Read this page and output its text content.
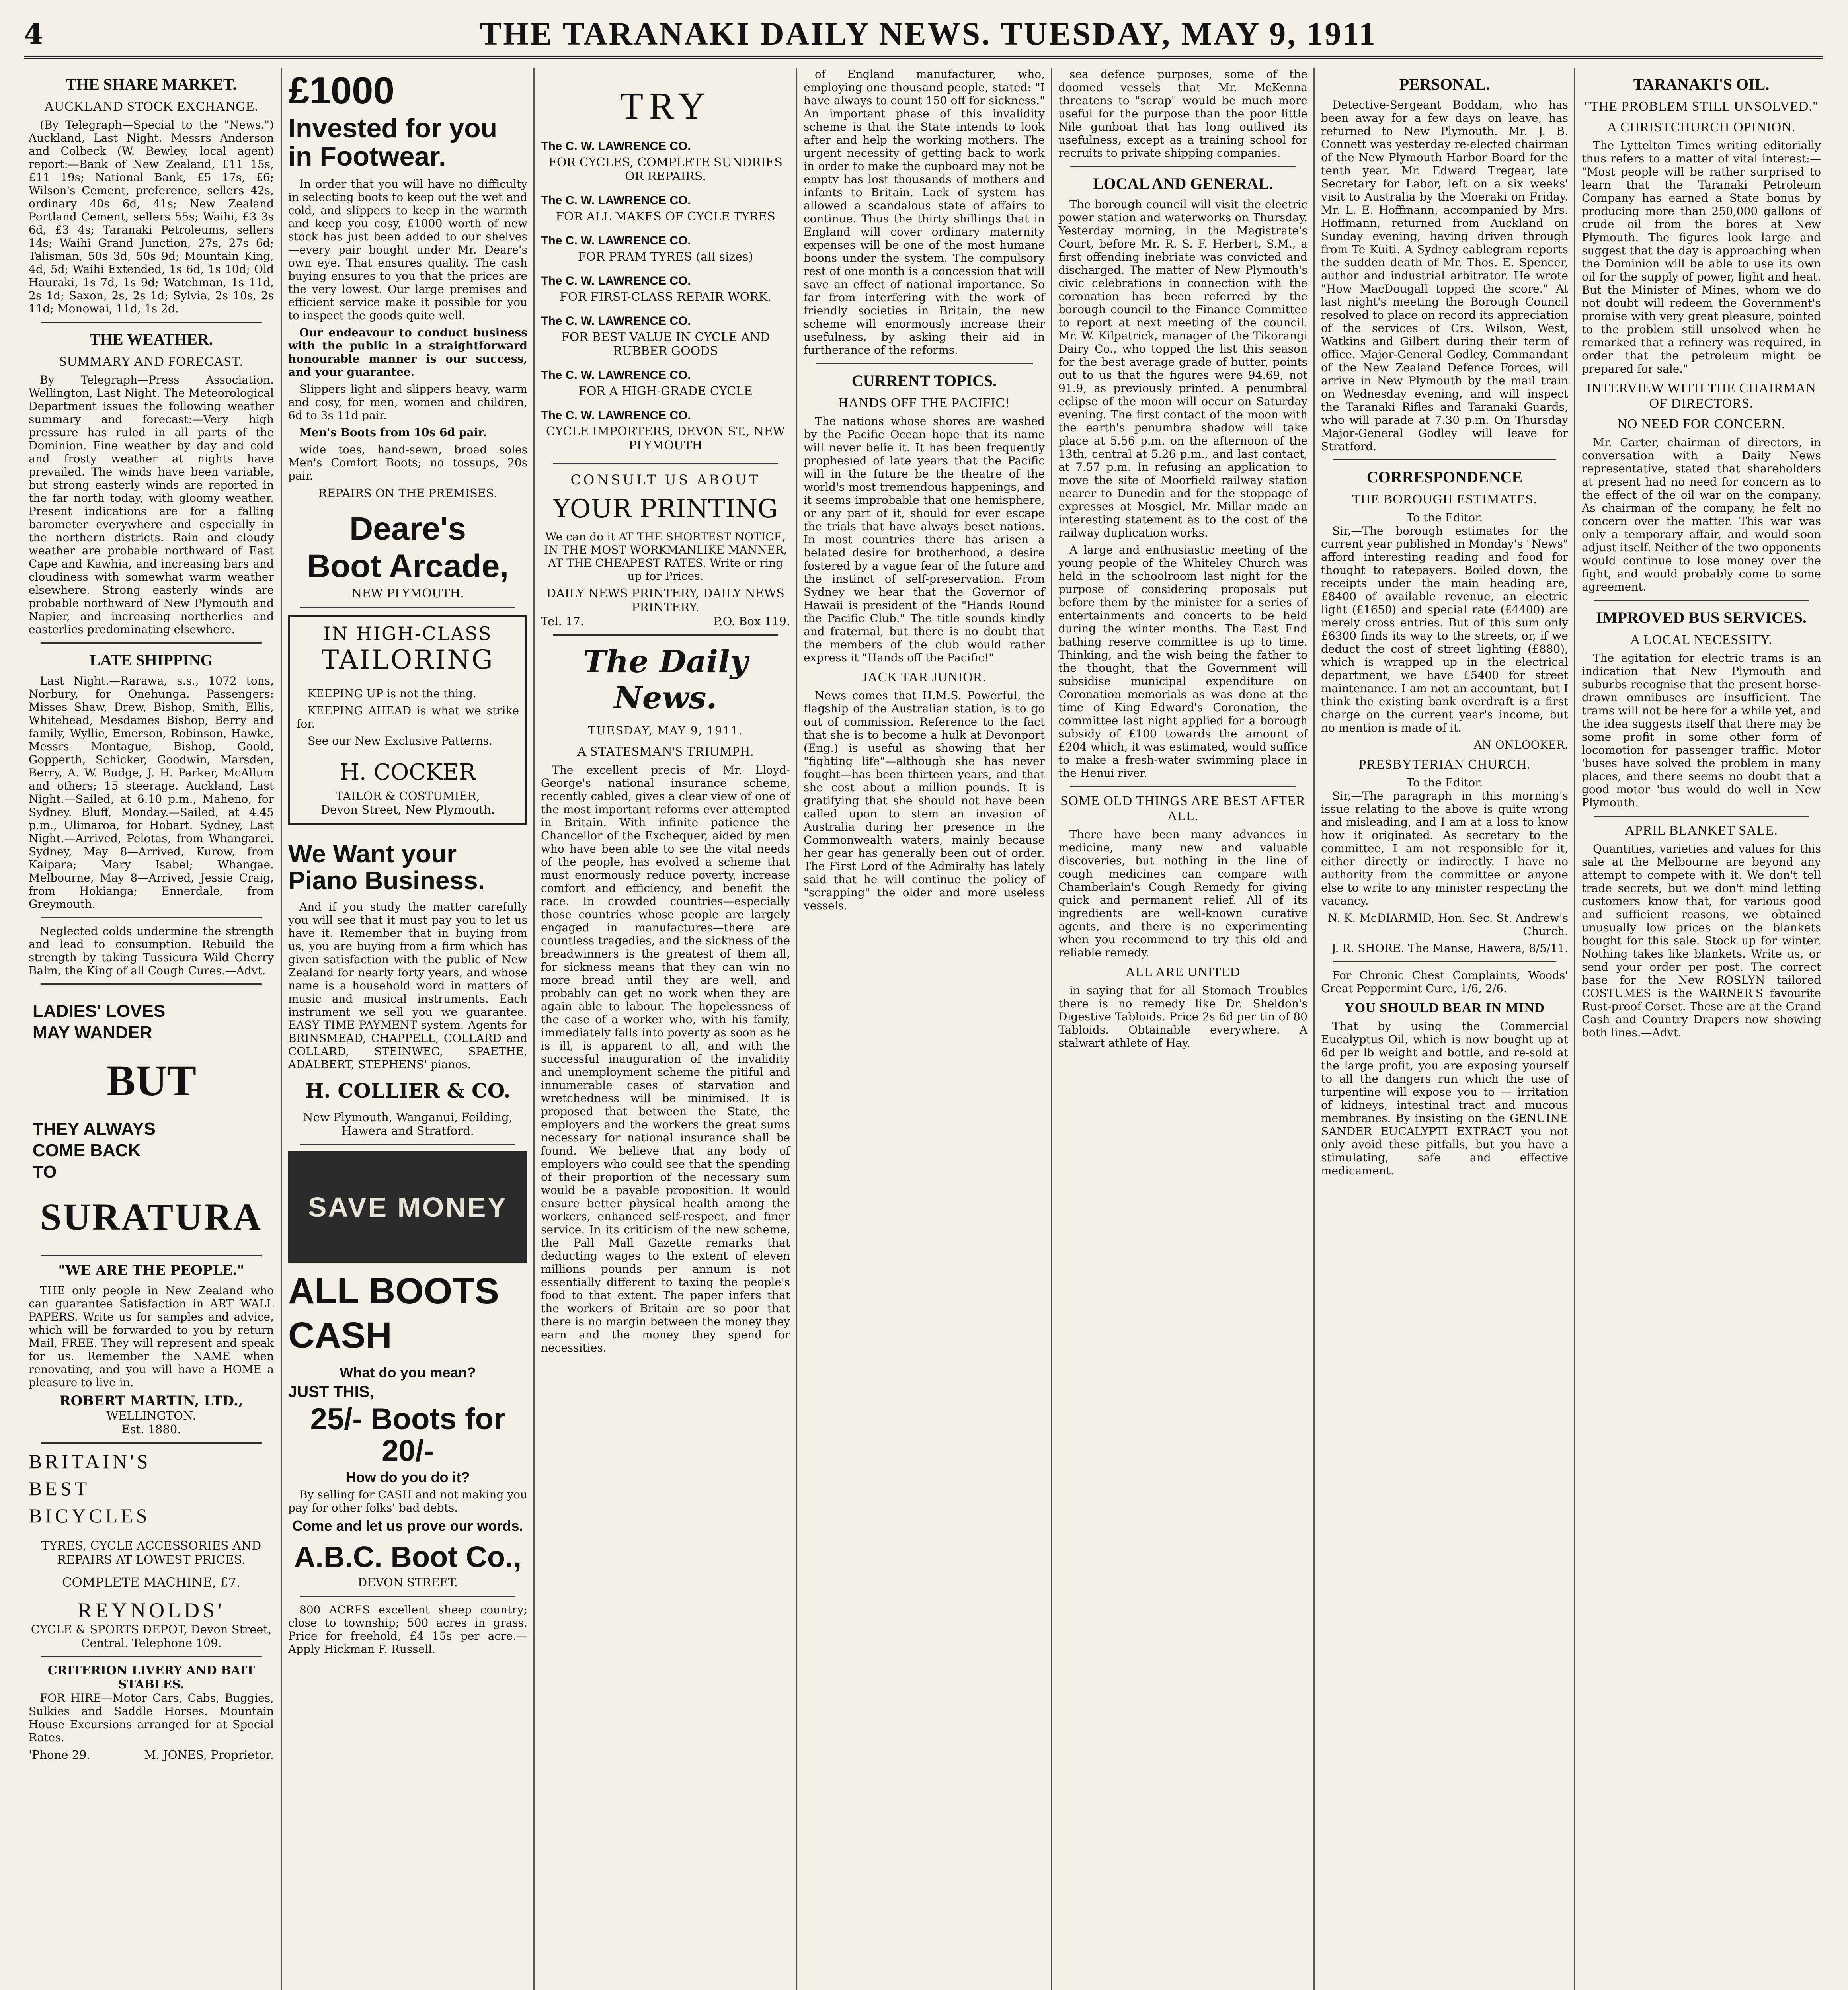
4	THE TARANAKI DAILY NEWS. TUESDAY, MAY 9, 1911

THE SHARE MARKET.
AUCKLAND STOCK EXCHANGE.

(By Telegraph—Special to the "News.") Auckland, Last Night. Messrs Anderson and Colbeck (W. Bewley, local agent) report:—Bank of New Zealand, £11 15s, £11 19s; National Bank, £5 17s, £6; Wilson's Cement, preference, sellers 42s, ordinary 40s 6d, 41s; New Zealand Portland Cement, sellers 55s; Waihi, £3 3s 6d, £3 4s; Taranaki Petroleums, sellers 14s; Waihi Grand Junction, 27s, 27s 6d; Talisman, 50s 3d, 50s 9d; Mountain King, 4d, 5d; Waihi Extended, 1s 6d, 1s 10d; Old Hauraki, 1s 7d, 1s 9d; Watchman, 1s 11d, 2s 1d; Saxon, 2s, 2s 1d; Sylvia, 2s 10s, 2s 11d; Monowai, 11d, 1s 2d.

THE WEATHER.
SUMMARY AND FORECAST.

By Telegraph—Press Association. Wellington, Last Night. The Meteorological Department issues the following weather summary and forecast:—Very high pressure has ruled in all parts of the Dominion. Fine weather by day and cold and frosty weather at nights have prevailed. The winds have been variable, but strong easterly winds are reported in the far north today, with gloomy weather. Present indications are for a falling barometer everywhere and especially in the northern districts. Rain and cloudy weather are probable northward of East Cape and Kawhia, and increasing bars and cloudiness with somewhat warm weather elsewhere. Strong easterly winds are probable northward of New Plymouth and Napier, and increasing northerlies and easterlies predominating elsewhere.

LATE SHIPPING

Last Night.—Rarawa, s.s., 1072 tons, Norbury, for Onehunga. Passengers: Misses Shaw, Drew, Bishop, Smith, Ellis, Whitehead, Mesdames Bishop, Berry and family, Wyllie, Emerson, Robinson, Hawke, Messrs Montague, Bishop, Goold, Gopperth, Schicker, Goodwin, Marsden, Berry, A. W. Budge, J. H. Parker, McAllum and others; 15 steerage. Auckland, Last Night.—Sailed, at 6.10 p.m., Maheno, for Sydney. Bluff, Monday.—Sailed, at 4.45 p.m., Ulimaroa, for Hobart. Sydney, Last Night.—Arrived, Pelotas, from Whangarei. Sydney, May 8—Arrived, Kurow, from Kaipara; Mary Isabel; Whangae. Melbourne, May 8—Arrived, Jessie Craig, from Hokianga; Ennerdale, from Greymouth.

Neglected colds undermine the strength and lead to consumption. Rebuild the strength by taking Tussicura Wild Cherry Balm, the King of all Cough Cures.—Advt.

LADIES' LOVES
MAY WANDER
BUT
THEY ALWAYS
COME BACK
TO
SURATURA
"WE ARE THE PEOPLE."

THE only people in New Zealand who can guarantee Satisfaction in ART WALL PAPERS. Write us for samples and advice, which will be forwarded to you by return Mail, FREE. They will represent and speak for us. Remember the NAME when renovating, and you will have a HOME a pleasure to live in.

ROBERT MARTIN, LTD.,
WELLINGTON.
Est. 1880.
BRITAIN'S
BEST
BICYCLES
TYRES, CYCLE ACCESSORIES AND REPAIRS AT LOWEST PRICES.
COMPLETE MACHINE, £7.
REYNOLDS'
CYCLE & SPORTS DEPOT, Devon Street, Central. Telephone 109.
CRITERION LIVERY AND BAIT STABLES.

FOR HIRE—Motor Cars, Cabs, Buggies, Sulkies and Saddle Horses. Mountain House Excursions arranged for at Special Rates.

'Phone 29.	M. JONES, Proprietor.
£1000
Invested for you in Footwear.

In order that you will have no difficulty in selecting boots to keep out the wet and cold, and slippers to keep in the warmth and keep you cosy, £1000 worth of new stock has just been added to our shelves—every pair bought under Mr. Deare's own eye. That ensures quality. The cash buying ensures to you that the prices are the very lowest. Our large premises and efficient service make it possible for you to inspect the goods quite well.

Our endeavour to conduct business with the public in a straightforward honourable manner is our success, and your guarantee.

Slippers light and slippers heavy, warm and cosy, for men, women and children, 6d to 3s 11d pair.

Men's Boots from 10s 6d pair.

wide toes, hand-sewn, broad soles Men's Comfort Boots; no tossups, 20s pair.

REPAIRS ON THE PREMISES.
Deare's
Boot Arcade,
NEW PLYMOUTH.
IN HIGH-CLASS
TAILORING

KEEPING UP is not the thing.

KEEPING AHEAD is what we strike for.

See our New Exclusive Patterns.

H. COCKER
TAILOR & COSTUMIER,
Devon Street, New Plymouth.
We Want your Piano Business.

And if you study the matter carefully you will see that it must pay you to let us have it. Remember that in buying from us, you are buying from a firm which has given satisfaction with the public of New Zealand for nearly forty years, and whose name is a household word in matters of music and musical instruments. Each instrument we sell you we guarantee. EASY TIME PAYMENT system. Agents for BRINSMEAD, CHAPPELL, COLLARD and COLLARD, STEINWEG, SPAETHE, ADALBERT, STEPHENS' pianos.

H. COLLIER & CO.
New Plymouth, Wanganui, Feilding, Hawera and Stratford.
SAVE MONEY
ALL BOOTS CASH
What do you mean?
JUST THIS,
25/- Boots for 20/-
How do you do it?

By selling for CASH and not making you pay for other folks' bad debts.

Come and let us prove our words.
A.B.C. Boot Co.,
DEVON STREET.

800 ACRES excellent sheep country; close to township; 500 acres in grass. Price for freehold, £4 15s per acre.—Apply Hickman F. Russell.

TRY
The C. W. LAWRENCE CO.
FOR CYCLES, COMPLETE SUNDRIES OR REPAIRS.
The C. W. LAWRENCE CO.
FOR ALL MAKES OF CYCLE TYRES
The C. W. LAWRENCE CO.
FOR PRAM TYRES (all sizes)
The C. W. LAWRENCE CO.
FOR FIRST-CLASS REPAIR WORK.
The C. W. LAWRENCE CO.
FOR BEST VALUE IN CYCLE AND RUBBER GOODS
The C. W. LAWRENCE CO.
FOR A HIGH-GRADE CYCLE
The C. W. LAWRENCE CO.
CYCLE IMPORTERS, DEVON ST., NEW PLYMOUTH
CONSULT US ABOUT
YOUR PRINTING

We can do it AT THE SHORTEST NOTICE, IN THE MOST WORKMANLIKE MANNER, AT THE CHEAPEST RATES. Write or ring up for Prices.

DAILY NEWS PRINTERY, DAILY NEWS PRINTERY.
Tel. 17.	P.O. Box 119.
The Daily News.
TUESDAY, MAY 9, 1911.
A STATESMAN'S TRIUMPH.

The excellent precis of Mr. Lloyd-George's national insurance scheme, recently cabled, gives a clear view of one of the most important reforms ever attempted in Britain. With infinite patience the Chancellor of the Exchequer, aided by men who have been able to see the vital needs of the people, has evolved a scheme that must enormously reduce poverty, increase comfort and efficiency, and benefit the race. In crowded countries—especially those countries whose people are largely engaged in manufactures—there are countless tragedies, and the sickness of the breadwinners is the greatest of them all, for sickness means that they can win no more bread until they are well, and probably can get no work when they are again able to labour. The hopelessness of the case of a worker who, with his family, immediately falls into poverty as soon as he is ill, is apparent to all, and with the successful inauguration of the invalidity and unemployment scheme the pitiful and innumerable cases of starvation and wretchedness will be minimised. It is proposed that between the State, the employers and the workers the great sums necessary for national insurance shall be found. We believe that any body of employers who could see that the spending of their proportion of the necessary sum would be a payable proposition. It would ensure better physical health among the workers, enhanced self-respect, and finer service. In its criticism of the new scheme, the Pall Mall Gazette remarks that deducting wages to the extent of eleven millions pounds per annum is not essentially different to taxing the people's food to that extent. The paper infers that the workers of Britain are so poor that there is no margin between the money they earn and the money they spend for necessities.

of England manufacturer, who, employing one thousand people, stated: "I have always to count 150 off for sickness." An important phase of this invalidity scheme is that the State intends to look after and help the working mothers. The urgent necessity of getting back to work in order to make the cupboard may not be empty has lost thousands of mothers and infants to Britain. Lack of system has allowed a scandalous state of affairs to continue. Thus the thirty shillings that in England will cover ordinary maternity expenses will be one of the most humane boons under the system. The compulsory rest of one month is a concession that will save an effect of national importance. So far from interfering with the work of friendly societies in Britain, the new scheme will enormously increase their usefulness, by asking their aid in furtherance of the reforms.

CURRENT TOPICS.
HANDS OFF THE PACIFIC!

The nations whose shores are washed by the Pacific Ocean hope that its name will never belie it. It has been frequently prophesied of late years that the Pacific will in the future be the theatre of the world's most tremendous happenings, and it seems improbable that one hemisphere, or any part of it, should for ever escape the trials that have always beset nations. In most countries there has arisen a belated desire for brotherhood, a desire fostered by a vague fear of the future and the instinct of self-preservation. From Sydney we hear that the Governor of Hawaii is president of the "Hands Round the Pacific Club." The title sounds kindly and fraternal, but there is no doubt that the members of the club would rather express it "Hands off the Pacific!"

JACK TAR JUNIOR.

News comes that H.M.S. Powerful, the flagship of the Australian station, is to go out of commission. Reference to the fact that she is to become a hulk at Devonport (Eng.) is useful as showing that her "fighting life"—although she has never fought—has been thirteen years, and that she cost about a million pounds. It is gratifying that she should not have been called upon to stem an invasion of Australia during her presence in the Commonwealth waters, mainly because her gear has generally been out of order. The First Lord of the Admiralty has lately said that he will continue the policy of "scrapping" the older and more useless vessels.

sea defence purposes, some of the doomed vessels that Mr. McKenna threatens to "scrap" would be much more useful for the purpose than the poor little Nile gunboat that has long outlived its usefulness, except as a training school for recruits to private shipping companies.

LOCAL AND GENERAL.

The borough council will visit the electric power station and waterworks on Thursday. Yesterday morning, in the Magistrate's Court, before Mr. R. S. F. Herbert, S.M., a first offending inebriate was convicted and discharged. The matter of New Plymouth's civic celebrations in connection with the coronation has been referred by the borough council to the Finance Committee to report at next meeting of the council. Mr. W. Kilpatrick, manager of the Tikorangi Dairy Co., who topped the list this season for the best average grade of butter, points out to us that the figures were 94.69, not 91.9, as previously printed. A penumbral eclipse of the moon will occur on Saturday evening. The first contact of the moon with the earth's penumbra shadow will take place at 5.56 p.m. on the afternoon of the 13th, central at 5.26 p.m., and last contact, at 7.57 p.m. In refusing an application to move the site of Moorfield railway station nearer to Dunedin and for the stoppage of expresses at Mosgiel, Mr. Millar made an interesting statement as to the cost of the railway duplication works.

A large and enthusiastic meeting of the young people of the Whiteley Church was held in the schoolroom last night for the purpose of considering proposals put before them by the minister for a series of entertainments and concerts to be held during the winter months. The East End bathing reserve committee is up to time. Thinking, and the wish being the father to the thought, that the Government will subsidise municipal expenditure on Coronation memorials as was done at the time of King Edward's Coronation, the committee last night applied for a borough subsidy of £100 towards the amount of £204 which, it was estimated, would suffice to make a fresh-water swimming place in the Henui river.

SOME OLD THINGS ARE BEST AFTER ALL.

There have been many advances in medicine, many new and valuable discoveries, but nothing in the line of cough medicines can compare with Chamberlain's Cough Remedy for giving quick and permanent relief. All of its ingredients are well-known curative agents, and there is no experimenting when you recommend to try this old and reliable remedy.

ALL ARE UNITED

in saying that for all Stomach Troubles there is no remedy like Dr. Sheldon's Digestive Tabloids. Price 2s 6d per tin of 80 Tabloids. Obtainable everywhere. A stalwart athlete of Hay.

PERSONAL.

Detective-Sergeant Boddam, who has been away for a few days on leave, has returned to New Plymouth. Mr. J. B. Connett was yesterday re-elected chairman of the New Plymouth Harbor Board for the tenth year. Mr. Edward Tregear, late Secretary for Labor, left on a six weeks' visit to Australia by the Moeraki on Friday. Mr. L. E. Hoffmann, accompanied by Mrs. Hoffmann, returned from Auckland on Sunday evening, having driven through from Te Kuiti. A Sydney cablegram reports the sudden death of Mr. Thos. E. Spencer, author and industrial arbitrator. He wrote "How MacDougall topped the score." At last night's meeting the Borough Council resolved to place on record its appreciation of the services of Crs. Wilson, West, Watkins and Gilbert during their term of office. Major-General Godley, Commandant of the New Zealand Defence Forces, will arrive in New Plymouth by the mail train on Wednesday evening, and will inspect the Taranaki Rifles and Taranaki Guards, who will parade at 7.30 p.m. On Thursday Major-General Godley will leave for Stratford.

CORRESPONDENCE
THE BOROUGH ESTIMATES.
To the Editor.

Sir,—The borough estimates for the current year published in Monday's "News" afford interesting reading and food for thought to ratepayers. Boiled down, the receipts under the main heading are, £8400 of available revenue, an electric light (£1650) and special rate (£4400) are merely cross entries. But of this sum only £6300 finds its way to the streets, or, if we deduct the cost of street lighting (£880), which is wrapped up in the electrical department, we have £5400 for street maintenance. I am not an accountant, but I think the existing bank overdraft is a first charge on the current year's income, but no mention is made of it.

AN ONLOOKER.
PRESBYTERIAN CHURCH.
To the Editor.

Sir,—The paragraph in this morning's issue relating to the above is quite wrong and misleading, and I am at a loss to know how it originated. As secretary to the committee, I am not responsible for it, either directly or indirectly. I have no authority from the committee or anyone else to write to any minister respecting the vacancy.

N. K. McDIARMID, Hon. Sec. St. Andrew's Church.
J. R. SHORE. The Manse, Hawera, 8/5/11.

For Chronic Chest Complaints, Woods' Great Peppermint Cure, 1/6, 2/6.

YOU SHOULD BEAR IN MIND

That by using the Commercial Eucalyptus Oil, which is now bought up at 6d per lb weight and bottle, and re-sold at the large profit, you are exposing yourself to all the dangers run which the use of turpentine will expose you to — irritation of kidneys, intestinal tract and mucous membranes. By insisting on the GENUINE SANDER EUCALYPTI EXTRACT you not only avoid these pitfalls, but you have a stimulating, safe and effective medicament.

TARANAKI'S OIL.
"THE PROBLEM STILL UNSOLVED."
A CHRISTCHURCH OPINION.

The Lyttelton Times writing editorially thus refers to a matter of vital interest:— "Most people will be rather surprised to learn that the Taranaki Petroleum Company has earned a State bonus by producing more than 250,000 gallons of crude oil from the bores at New Plymouth. The figures look large and suggest that the day is approaching when the Dominion will be able to use its own oil for the supply of power, light and heat. But the Minister of Mines, whom we do not doubt will redeem the Government's promise with very great pleasure, pointed to the problem still unsolved when he remarked that a refinery was required, in order that the petroleum might be prepared for sale."

INTERVIEW WITH THE CHAIRMAN OF DIRECTORS.
NO NEED FOR CONCERN.

Mr. Carter, chairman of directors, in conversation with a Daily News representative, stated that shareholders at present had no need for concern as to the effect of the oil war on the company. As chairman of the company, he felt no concern over the matter. This war was only a temporary affair, and would soon adjust itself. Neither of the two opponents would continue to lose money over the fight, and would probably come to some agreement.

IMPROVED BUS SERVICES.
A LOCAL NECESSITY.

The agitation for electric trams is an indication that New Plymouth and suburbs recognise that the present horse-drawn omnibuses are insufficient. The trams will not be here for a while yet, and the idea suggests itself that there may be some profit in some other form of locomotion for passenger traffic. Motor 'buses have solved the problem in many places, and there seems no doubt that a good motor 'bus would do well in New Plymouth.

APRIL BLANKET SALE.

Quantities, varieties and values for this sale at the Melbourne are beyond any attempt to compete with it. We don't tell trade secrets, but we don't mind letting customers know that, for various good and sufficient reasons, we obtained unusually low prices on the blankets bought for this sale. Stock up for winter. Nothing takes like blankets. Write us, or send your order per post. The correct base for the New ROSLYN tailored COSTUMES is the WARNER'S favourite Rust-proof Corset. These are at the Grand Cash and Country Drapers now showing both lines.—Advt.
